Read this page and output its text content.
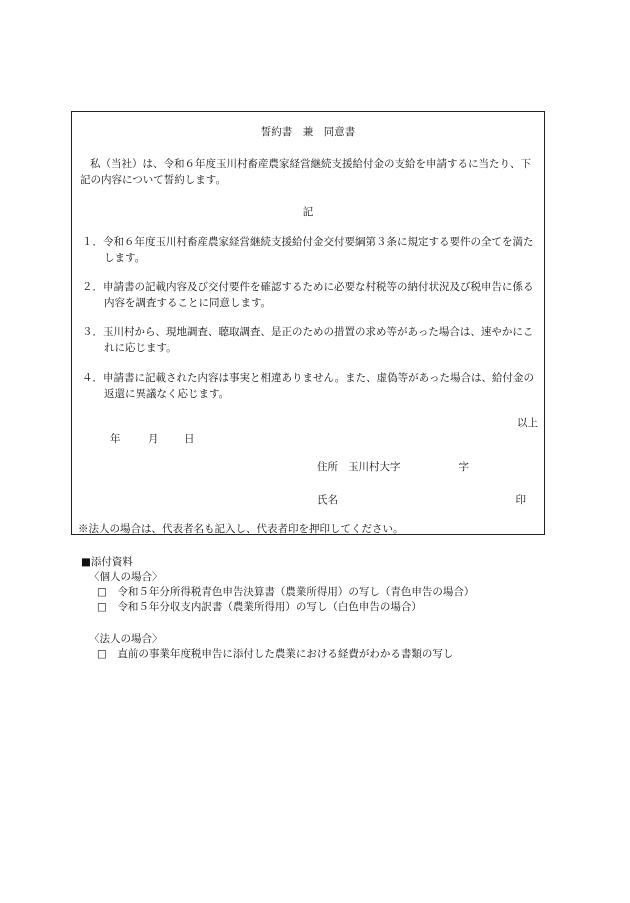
誓約書　兼　同意書
私（当社）は、令和６年度玉川村畜産農家経営継続支援給付金の支給を申請するに当たり、下記の内容について誓約します。
記
１．令和６年度玉川村畜産農家経営継続支援給付金交付要綱第３条に規定する要件の全てを満たします。
２．申請書の記載内容及び交付要件を確認するために必要な村税等の納付状況及び税申告に係る内容を調査することに同意します。
３．玉川村から、現地調査、聴取調査、是正のための措置の求め等があった場合は、速やかにこれに応じます。
４．申請書に記載された内容は事実と相違ありません。また、虚偽等があった場合は、給付金の返還に異議なく応じます。
以上
年	月 日
住所 玉川村大字	字
氏名	印
※法人の場合は、代表者名も記入し、代表者印を押印してください。
■添付資料
〈個人の場合〉
□　令和５年分所得税青色申告決算書（農業所得用）の写し（青色申告の場合）
□　令和５年分収支内訳書（農業所得用）の写し（白色申告の場合）
〈法人の場合〉
□　直前の事業年度税申告に添付した農業における経費がわかる書類の写し
